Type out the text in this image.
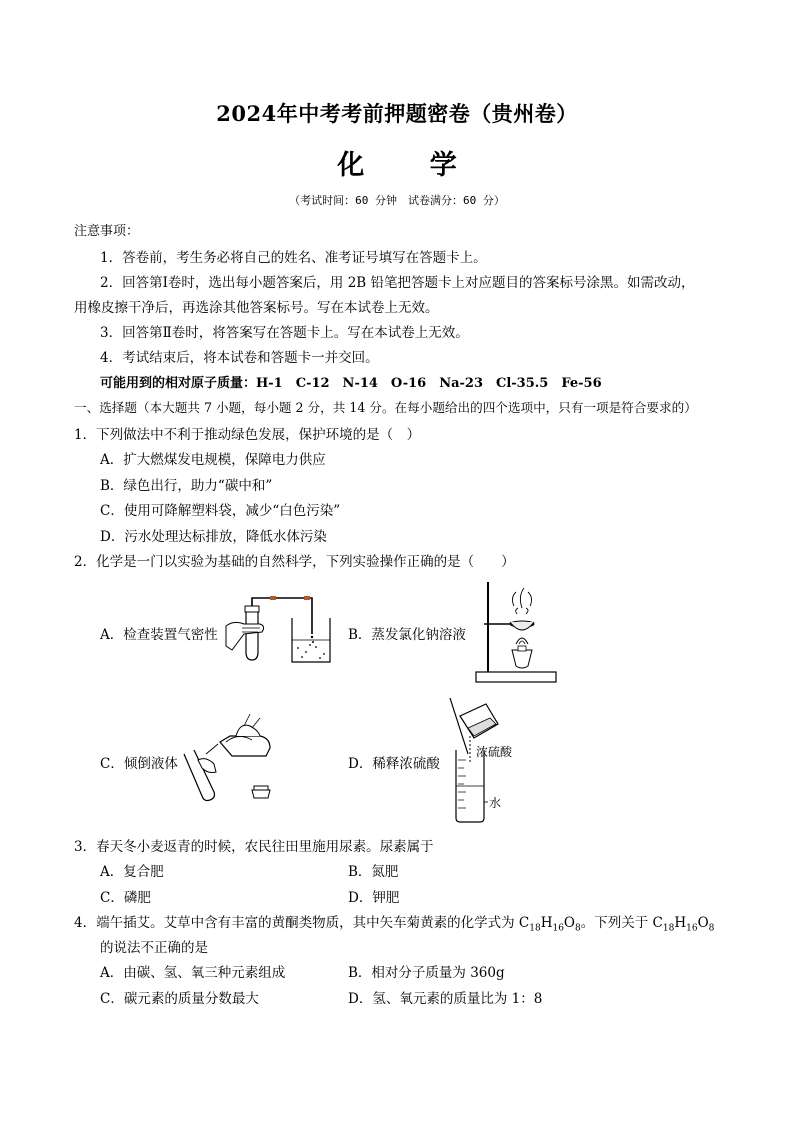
2024年中考考前押题密卷（贵州卷）
化 学
（考试时间：60 分钟　试卷满分：60 分）
注意事项：
1．答卷前，考生务必将自己的姓名、准考证号填写在答题卡上。
2．回答第Ⅰ卷时，选出每小题答案后，用 2B 铅笔把答题卡上对应题目的答案标号涂黑。如需改动，
用橡皮擦干净后，再选涂其他答案标号。写在本试卷上无效。
3．回答第Ⅱ卷时，将答案写在答题卡上。写在本试卷上无效。
4．考试结束后，将本试卷和答题卡一并交回。
可能用到的相对原子质量：H-1　C-12　N-14　O-16　Na-23　Cl-35.5　Fe-56
一、选择题（本大题共 7 小题，每小题 2 分，共 14 分。在每小题给出的四个选项中，只有一项是符合要求的）
1．下列做法中不利于推动绿色发展，保护环境的是（　）
A．扩大燃煤发电规模，保障电力供应
B．绿色出行，助力“碳中和”
C．使用可降解塑料袋，减少“白色污染”
D．污水处理达标排放，降低水体污染
2．化学是一门以实验为基础的自然科学，下列实验操作正确的是（　　）
A．检查装置气密性	B．蒸发氯化钠溶液
C．倾倒液体	D．稀释浓硫酸
浓硫酸
水
3．春天冬小麦返青的时候，农民往田里施用尿素。尿素属于
A．复合肥	B．氮肥
C．磷肥	D．钾肥
4．端午插艾。艾草中含有丰富的黄酮类物质，其中矢车菊黄素的化学式为 $C_{18}H_{16}O_8$。下列关于 $C_{18}H_{16}O_8$
的说法不正确的是
A．由碳、氢、氧三种元素组成	B．相对分子质量为 360g
C．碳元素的质量分数最大	D．氢、氧元素的质量比为 1：8
